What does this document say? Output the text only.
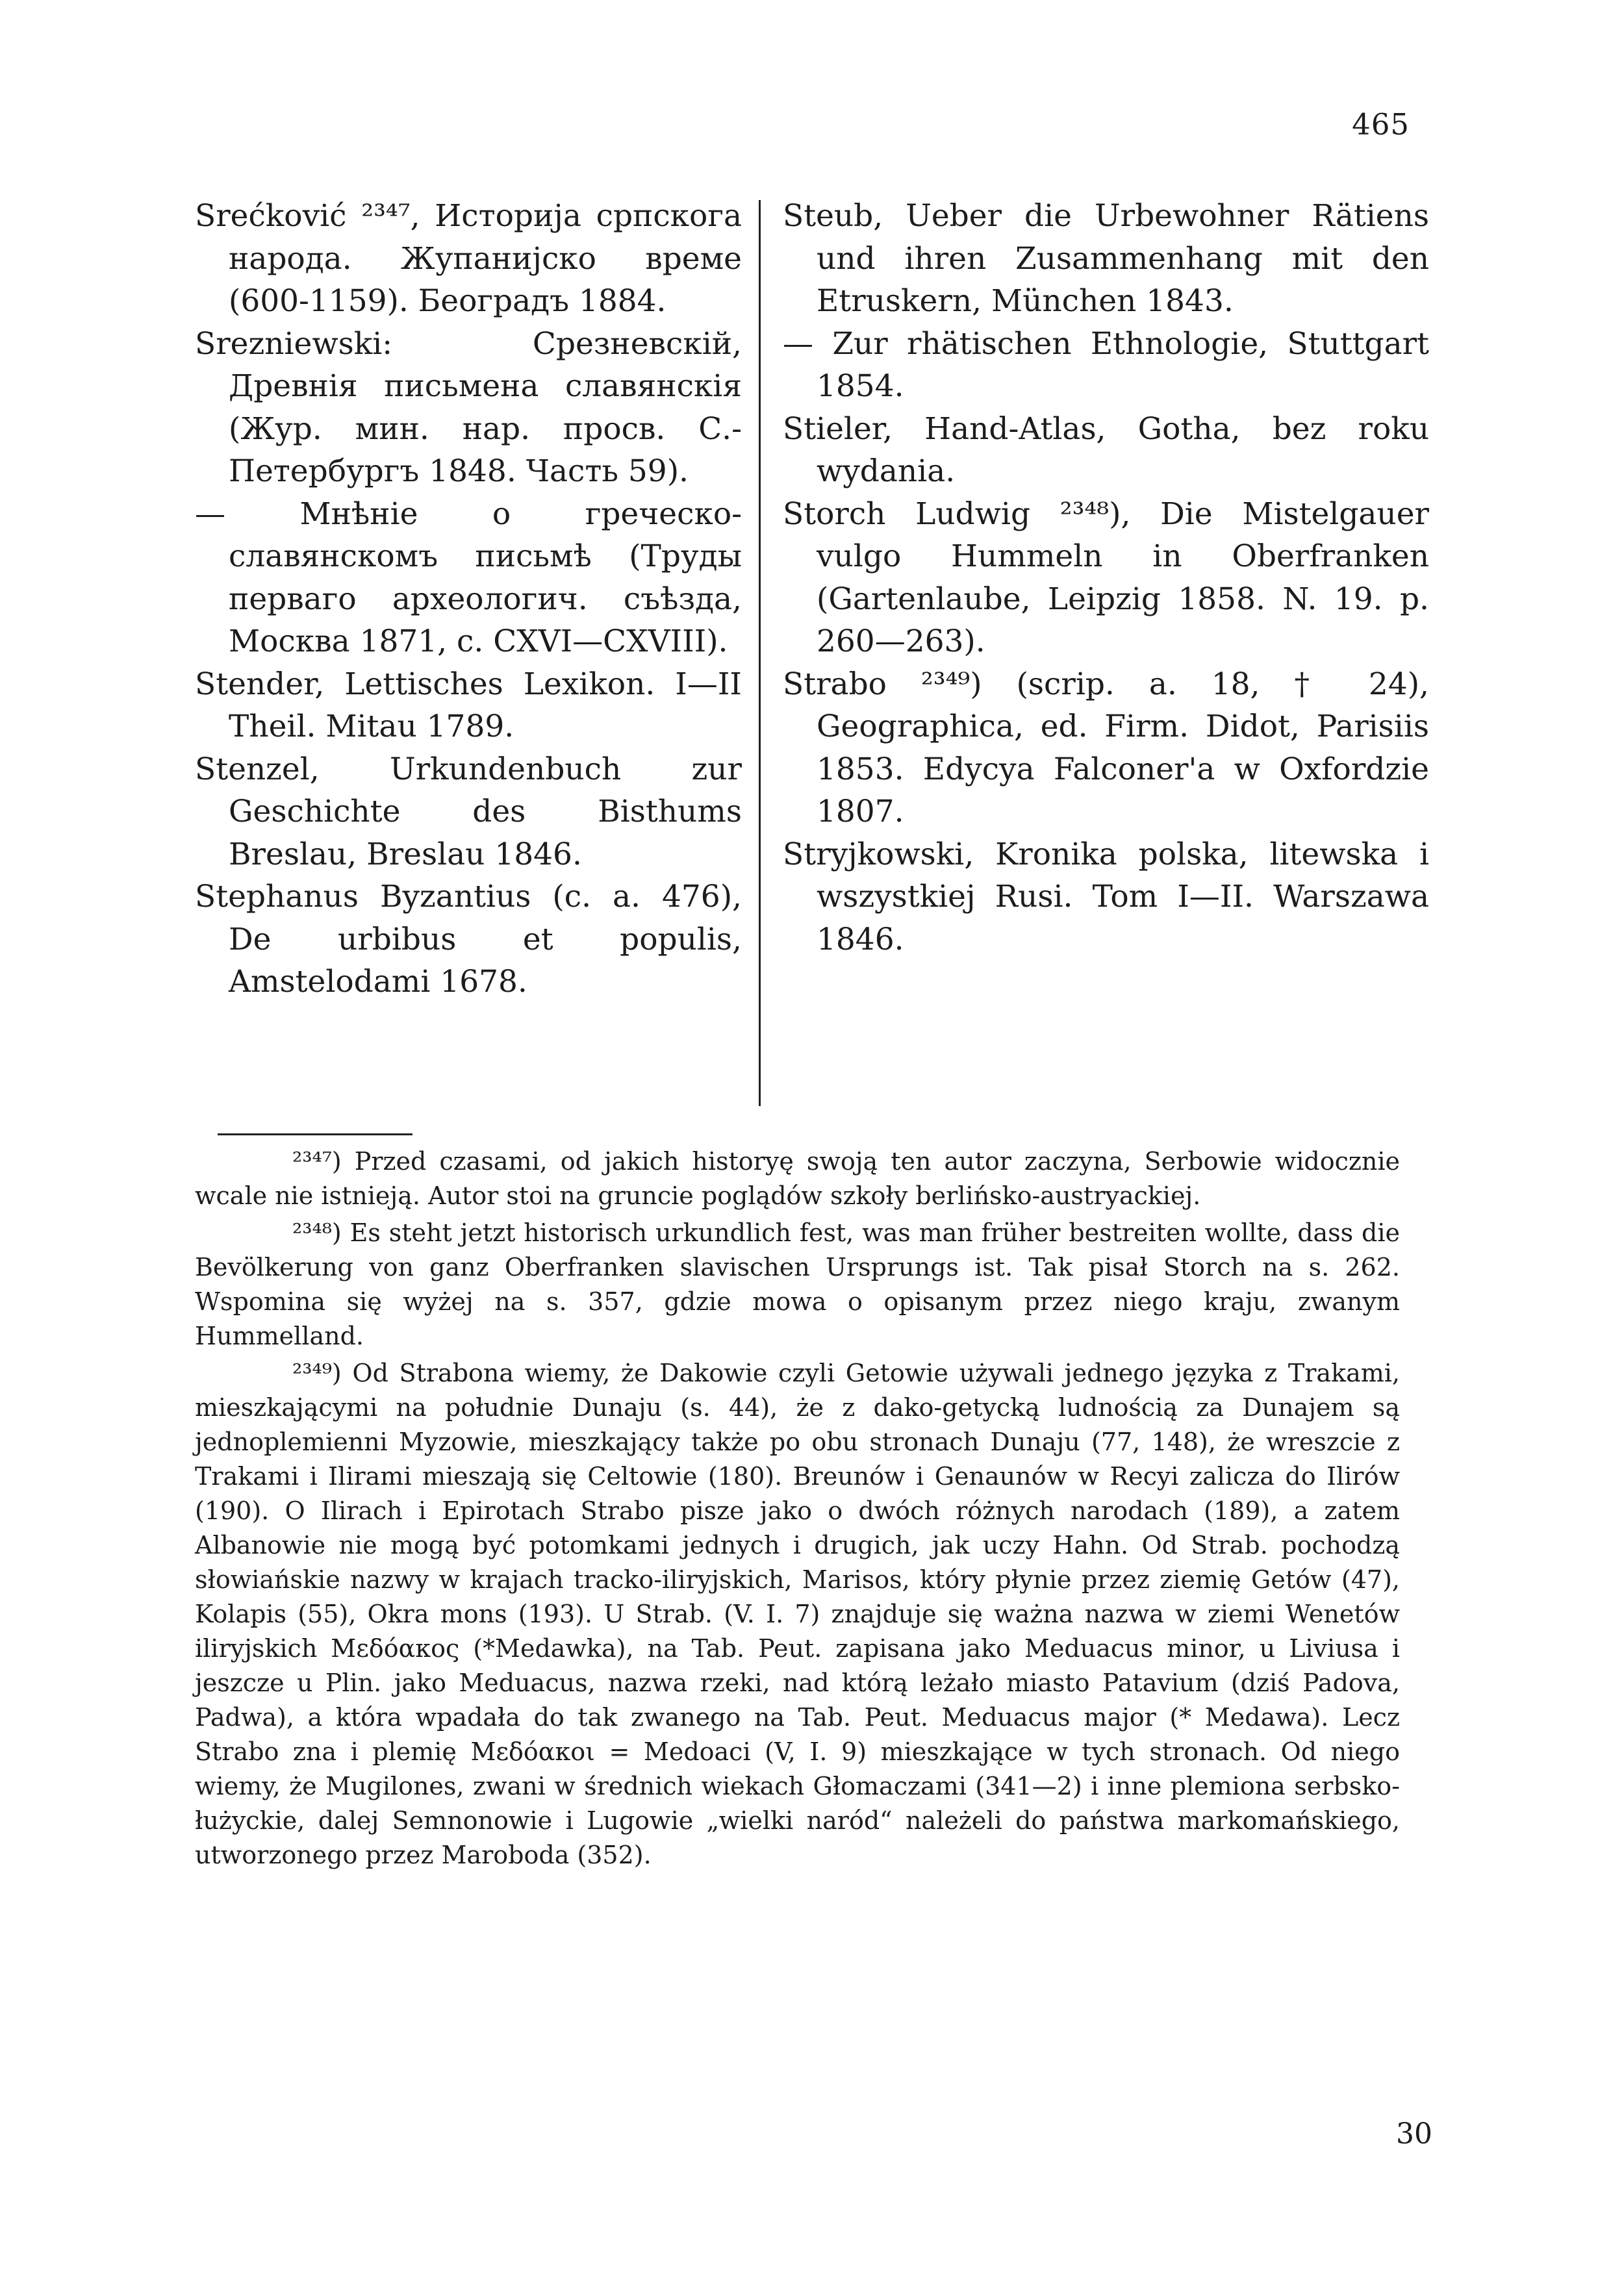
465

Srećković ²³⁴⁷, Историја српскога народа. Жупанијско време (600-1159). Београдъ 1884.

Srezniewski: Срезневскій, Древнія письмена славянскія (Жур. мин. нар. просв. С.-Петербургъ 1848. Часть 59).

— Мнѣніе о греческо-славянскомъ письмѣ (Труды перваго археологич. съѣзда, Москва 1871, с. CXVI—CXVIII).

Stender, Lettisches Lexikon. I—II Theil. Mitau 1789.

Stenzel, Urkundenbuch zur Geschichte des Bisthums Breslau, Breslau 1846.

Stephanus Byzantius (c. a. 476), De urbibus et populis, Amstelodami 1678.

Steub, Ueber die Urbewohner Rätiens und ihren Zusammenhang mit den Etruskern, München 1843.

— Zur rhätischen Ethnologie, Stuttgart 1854.

Stieler, Hand-Atlas, Gotha, bez roku wydania.

Storch Ludwig ²³⁴⁸), Die Mistelgauer vulgo Hummeln in Oberfranken (Gartenlaube, Leipzig 1858. N. 19. p. 260—263).

Strabo ²³⁴⁹) (scrip. a. 18, † 24), Geographica, ed. Firm. Didot, Parisiis 1853. Edycya Falconer'a w Oxfordzie 1807.

Stryjkowski, Kronika polska, litewska i wszystkiej Rusi. Tom I—II. Warszawa 1846.

²³⁴⁷) Przed czasami, od jakich historyę swoją ten autor zaczyna, Serbowie widocznie wcale nie istnieją. Autor stoi na gruncie poglądów szkoły berlińsko-austryackiej.

²³⁴⁸) Es steht jetzt historisch urkundlich fest, was man früher bestreiten wollte, dass die Bevölkerung von ganz Oberfranken slavischen Ursprungs ist. Tak pisał Storch na s. 262. Wspomina się wyżej na s. 357, gdzie mowa o opisanym przez niego kraju, zwanym Hummelland.

²³⁴⁹) Od Strabona wiemy, że Dakowie czyli Getowie używali jednego języka z Trakami, mieszkającymi na południe Dunaju (s. 44), że z dako-getycką ludnością za Dunajem są jednoplemienni Myzowie, mieszkający także po obu stronach Dunaju (77, 148), że wreszcie z Trakami i Ilirami mieszają się Celtowie (180). Breunów i Genaunów w Recyi zalicza do Ilirów (190). O Ilirach i Epirotach Strabo pisze jako o dwóch różnych narodach (189), a zatem Albanowie nie mogą być potomkami jednych i drugich, jak uczy Hahn. Od Strab. pochodzą słowiańskie nazwy w krajach tracko-iliryjskich, Marisos, który płynie przez ziemię Getów (47), Kolapis (55), Okra mons (193). U Strab. (V. I. 7) znajduje się ważna nazwa w ziemi Wenetów iliryjskich Μεδόακος (*Medawka), na Tab. Peut. zapisana jako Meduacus minor, u Liviusa i jeszcze u Plin. jako Meduacus, nazwa rzeki, nad którą leżało miasto Patavium (dziś Padova, Padwa), a która wpadała do tak zwanego na Tab. Peut. Meduacus major (* Medawa). Lecz Strabo zna i plemię Μεδόακοι = Medoaci (V, I. 9) mieszkające w tych stronach. Od niego wiemy, że Mugilones, zwani w średnich wiekach Głomaczami (341—2) i inne plemiona serbsko-łużyckie, dalej Semnonowie i Lugowie „wielki naród“ należeli do państwa markomańskiego, utworzonego przez Maroboda (352).

30
